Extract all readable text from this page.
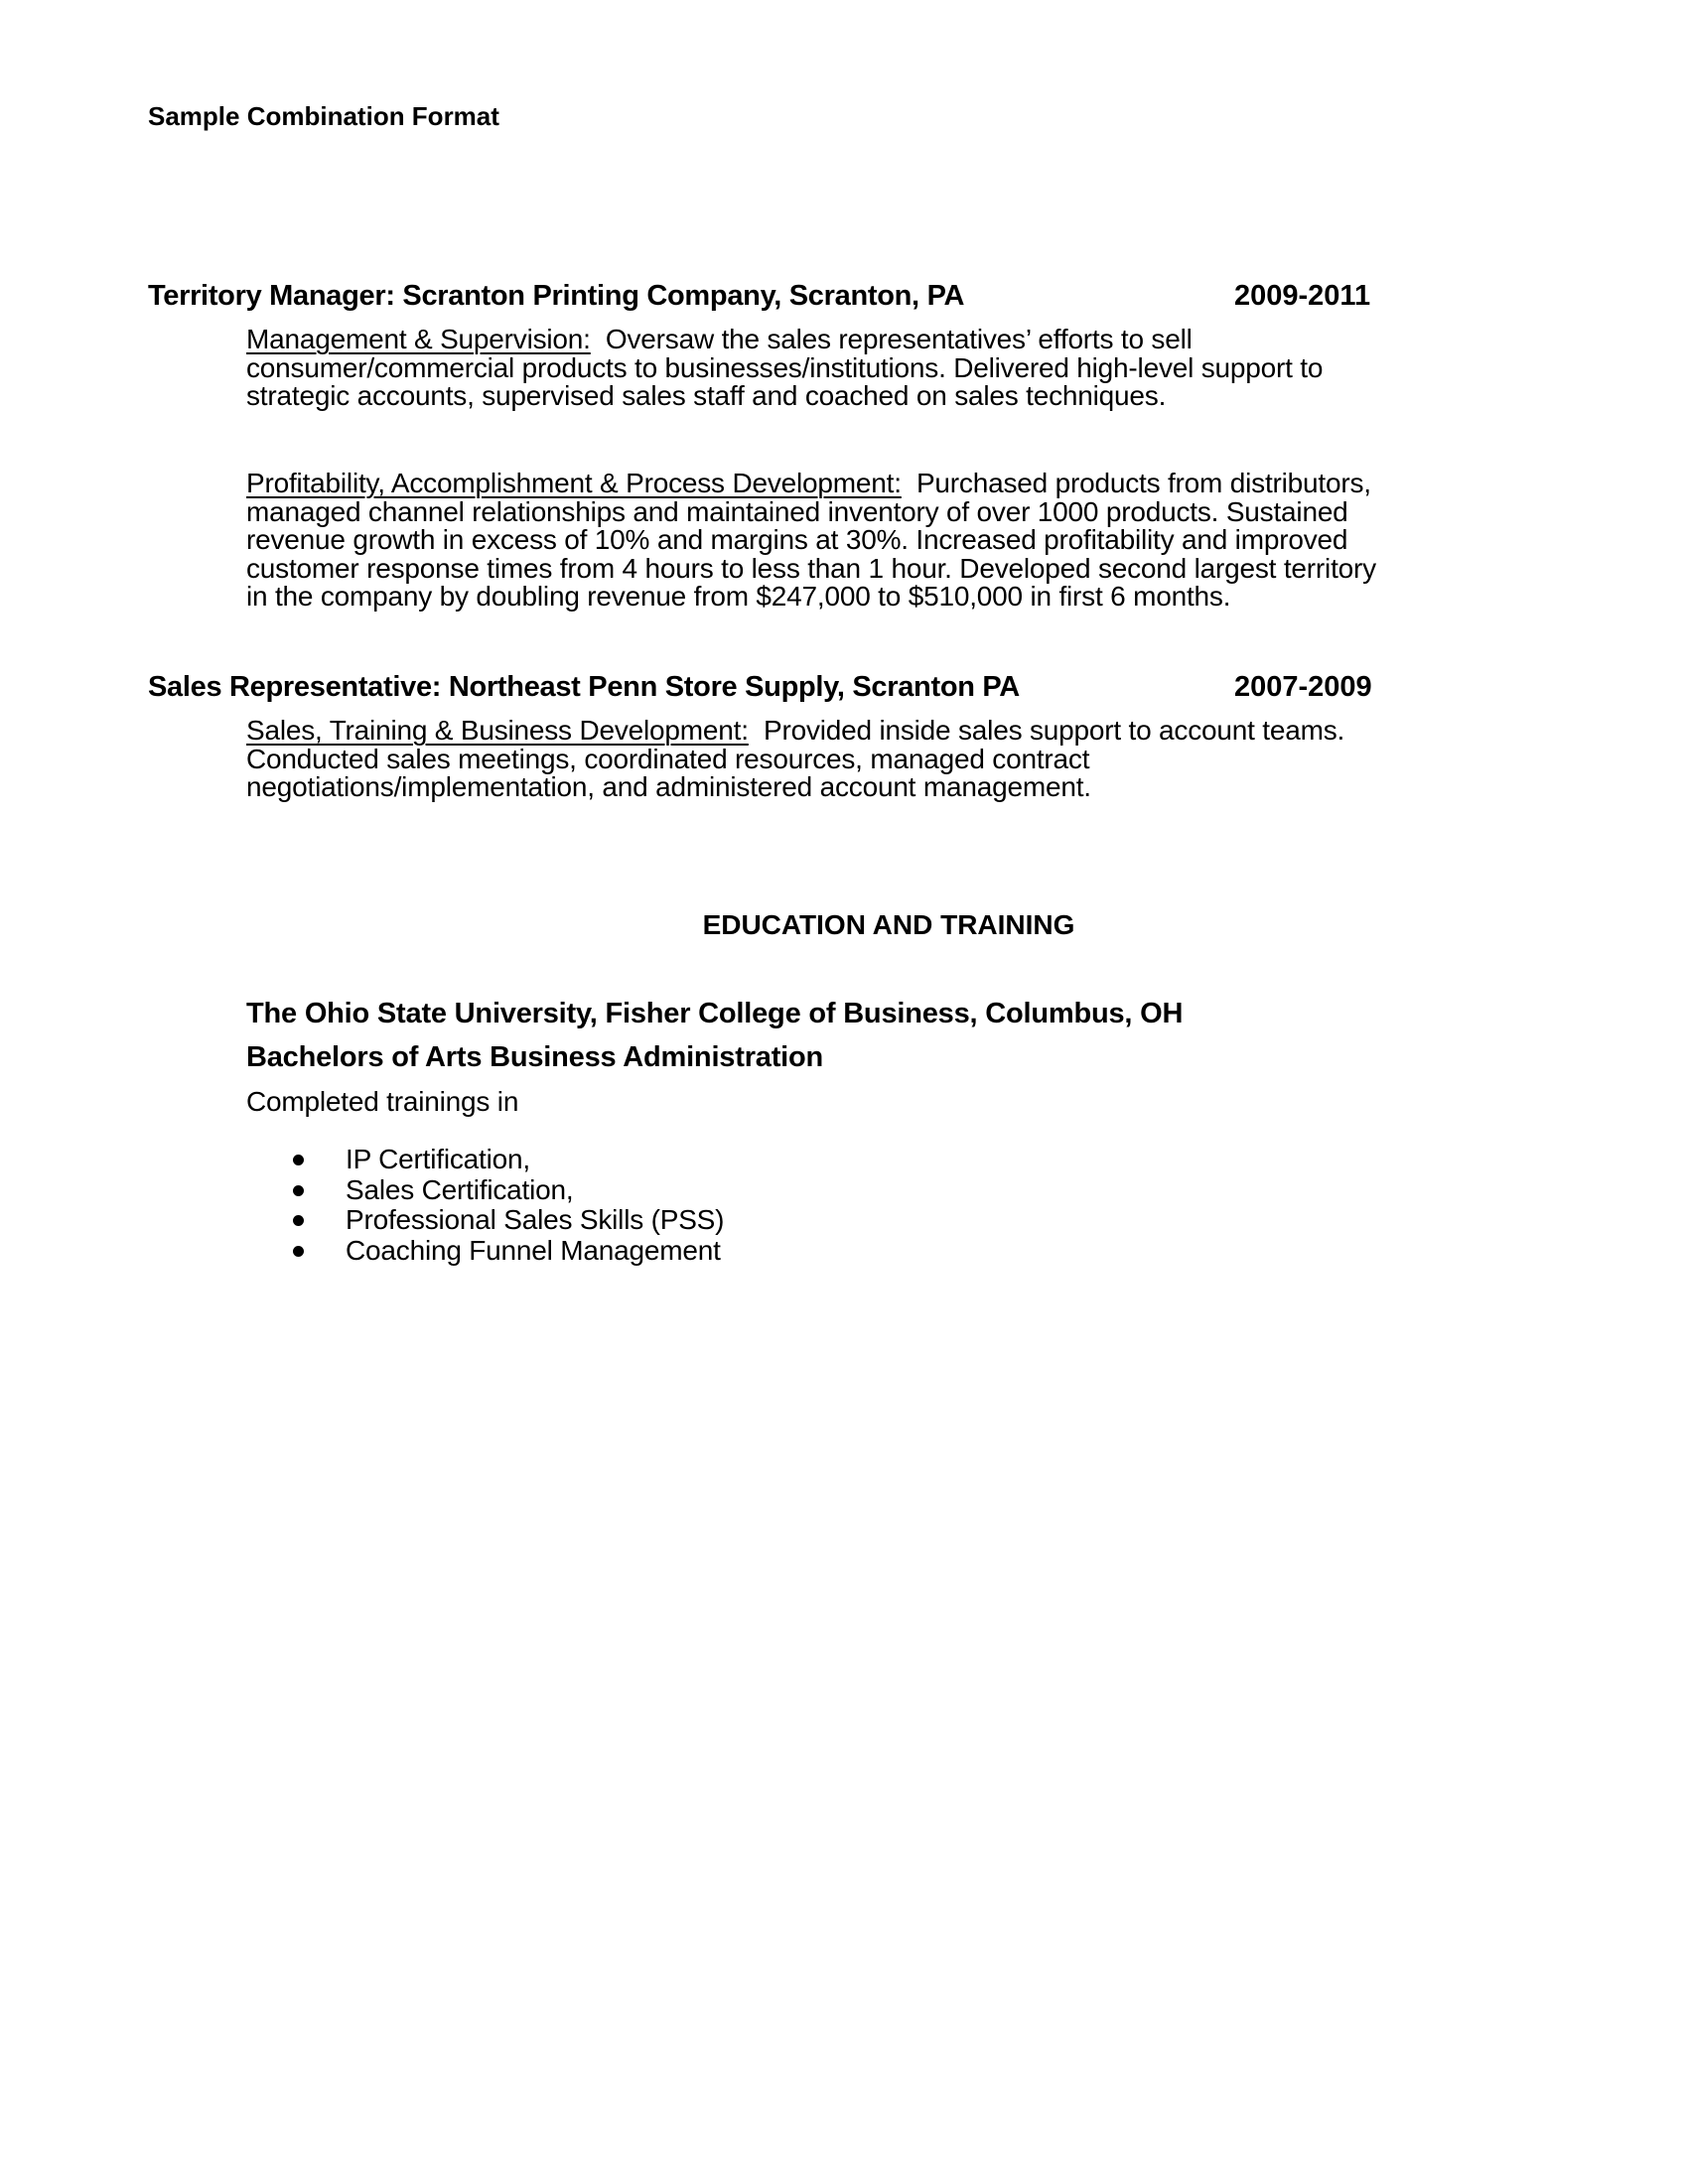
Sample Combination Format
Territory Manager: Scranton Printing Company, Scranton, PA	2009-2011
Management & Supervision:  Oversaw the sales representatives’ efforts to sell
consumer/commercial products to businesses/institutions. Delivered high-level support to
strategic accounts, supervised sales staff and coached on sales techniques.
Profitability, Accomplishment & Process Development:  Purchased products from distributors,
managed channel relationships and maintained inventory of over 1000 products. Sustained
revenue growth in excess of 10% and margins at 30%. Increased profitability and improved
customer response times from 4 hours to less than 1 hour. Developed second largest territory
in the company by doubling revenue from $247,000 to $510,000 in first 6 months.
Sales Representative: Northeast Penn Store Supply, Scranton PA	2007-2009
Sales, Training & Business Development:  Provided inside sales support to account teams.
Conducted sales meetings, coordinated resources, managed contract
negotiations/implementation, and administered account management.
EDUCATION AND TRAINING
The Ohio State University, Fisher College of Business, Columbus, OH
Bachelors of Arts Business Administration
Completed trainings in
IP Certification,
Sales Certification,
Professional Sales Skills (PSS)
Coaching Funnel Management
